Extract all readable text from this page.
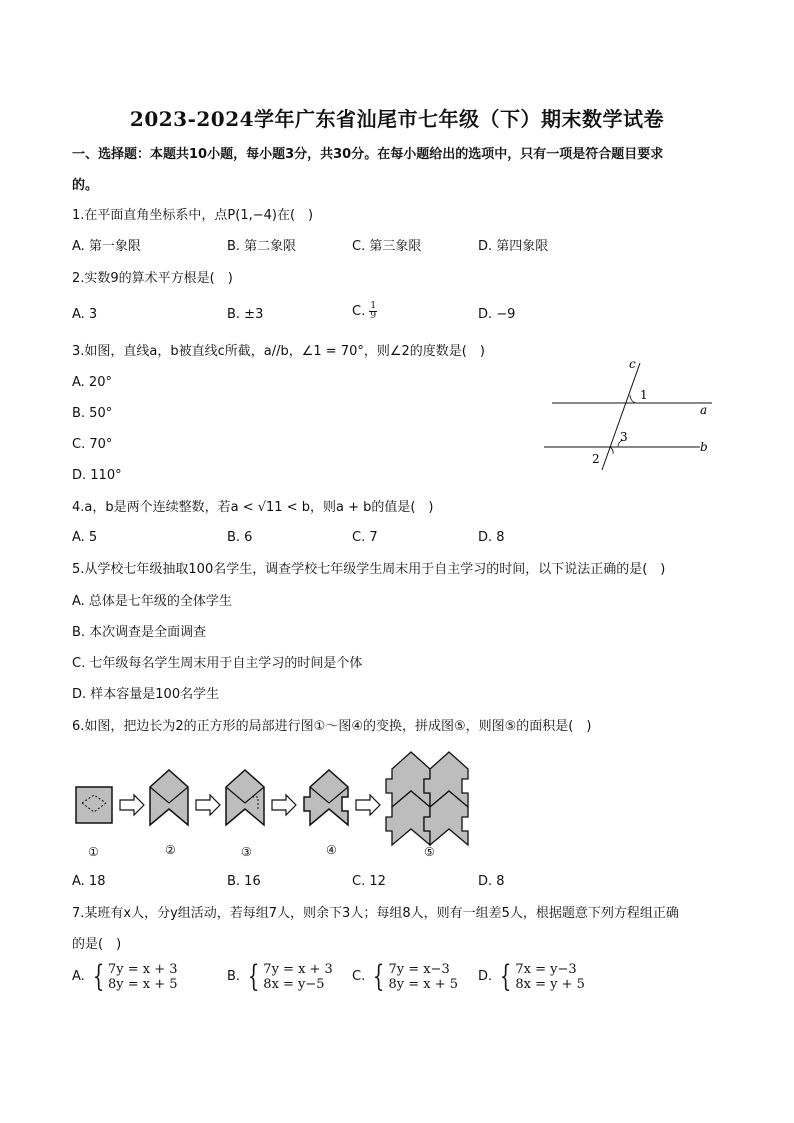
2023-2024学年广东省汕尾市七年级（下）期末数学试卷
一、选择题：本题共10小题，每小题3分，共30分。在每小题给出的选项中，只有一项是符合题目要求
的。
1.在平面直角坐标系中，点P(1,−4)在(　)
A. 第一象限	B. 第二象限	C. 第三象限	D. 第四象限
2.实数9的算术平方根是(　)
A. 3	B. ±3	C. $\frac{1}{9}$	D. −9
3.如图，直线a，b被直线c所截，a//b，∠1 = 70°，则∠2的度数是(　)
A. 20°
B. 50°
C. 70°
D. 110°
c
1
a
3
b
2
4.a，b是两个连续整数，若a < √11 < b，则a + b的值是(　)
A. 5	B. 6	C. 7	D. 8
5.从学校七年级抽取100名学生，调查学校七年级学生周末用于自主学习的时间，以下说法正确的是(　)
A. 总体是七年级的全体学生
B. 本次调查是全面调查
C. 七年级每名学生周末用于自主学习的时间是个体
D. 样本容量是100名学生
6.如图，把边长为2的正方形的局部进行图①～图④的变换，拼成图⑤，则图⑤的面积是(　)
①	②	③	④	⑤
A. 18	B. 16	C. 12	D. 8
7.某班有x人，分y组活动，若每组7人，则余下3人；每组8人，则有一组差5人，根据题意下列方程组正确
的是(　)
A. { 7y = x + 3
8y = x + 5
B. { 7y = x + 3
8x = y−5
C. { 7y = x−3
8y = x + 5
D. { 7x = y−3
8x = y + 5
